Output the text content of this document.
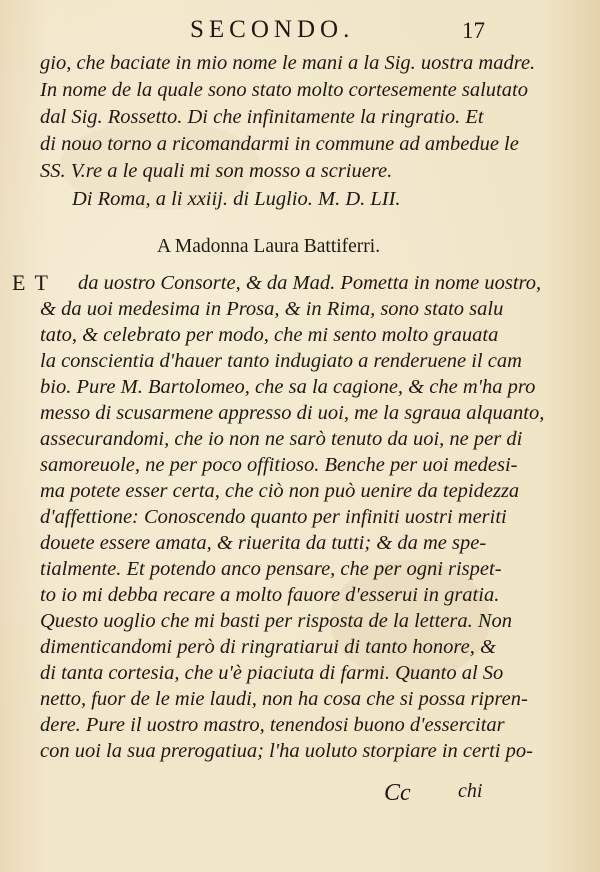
SECONDO.	17
gio, che baciate in mio nome le mani a la Sig. uostra madre.
In nome de la quale sono stato molto cortesemente salutato
dal Sig. Rossetto. Di che infinitamente la ringratio. Et
di nouo torno a ricomandarmi in commune ad ambedue le
SS. V.re a le quali mi son mosso a scriuere.
Di Roma, a li xxiij. di Luglio. M. D. LII.
A Madonna Laura Battiferri.
E T da uostro Consorte, & da Mad. Pometta in nome uostro,
& da uoi medesima in Prosa, & in Rima, sono stato salu
tato, & celebrato per modo, che mi sento molto grauata
la conscientia d'hauer tanto indugiato a renderuene il cam
bio. Pure M. Bartolomeo, che sa la cagione, & che m'ha pro
messo di scusarmene appresso di uoi, me la sgraua alquanto,
assecurandomi, che io non ne sarò tenuto da uoi, ne per di
samoreuole, ne per poco offitioso. Benche per uoi medesi-
ma potete esser certa, che ciò non può uenire da tepidezza
d'affettione: Conoscendo quanto per infiniti uostri meriti
douete essere amata, & riuerita da tutti; & da me spe-
tialmente. Et potendo anco pensare, che per ogni rispet-
to io mi debba recare a molto fauore d'esserui in gratia.
Questo uoglio che mi basti per risposta de la lettera. Non
dimenticandomi però di ringratiarui di tanto honore, &
di tanta cortesia, che u'è piaciuta di farmi. Quanto al So
netto, fuor de le mie laudi, non ha cosa che si possa ripren-
dere. Pure il uostro mastro, tenendosi buono d'essercitar
con uoi la sua prerogatiua; l'ha uoluto storpiare in certi po-
Cc chi
